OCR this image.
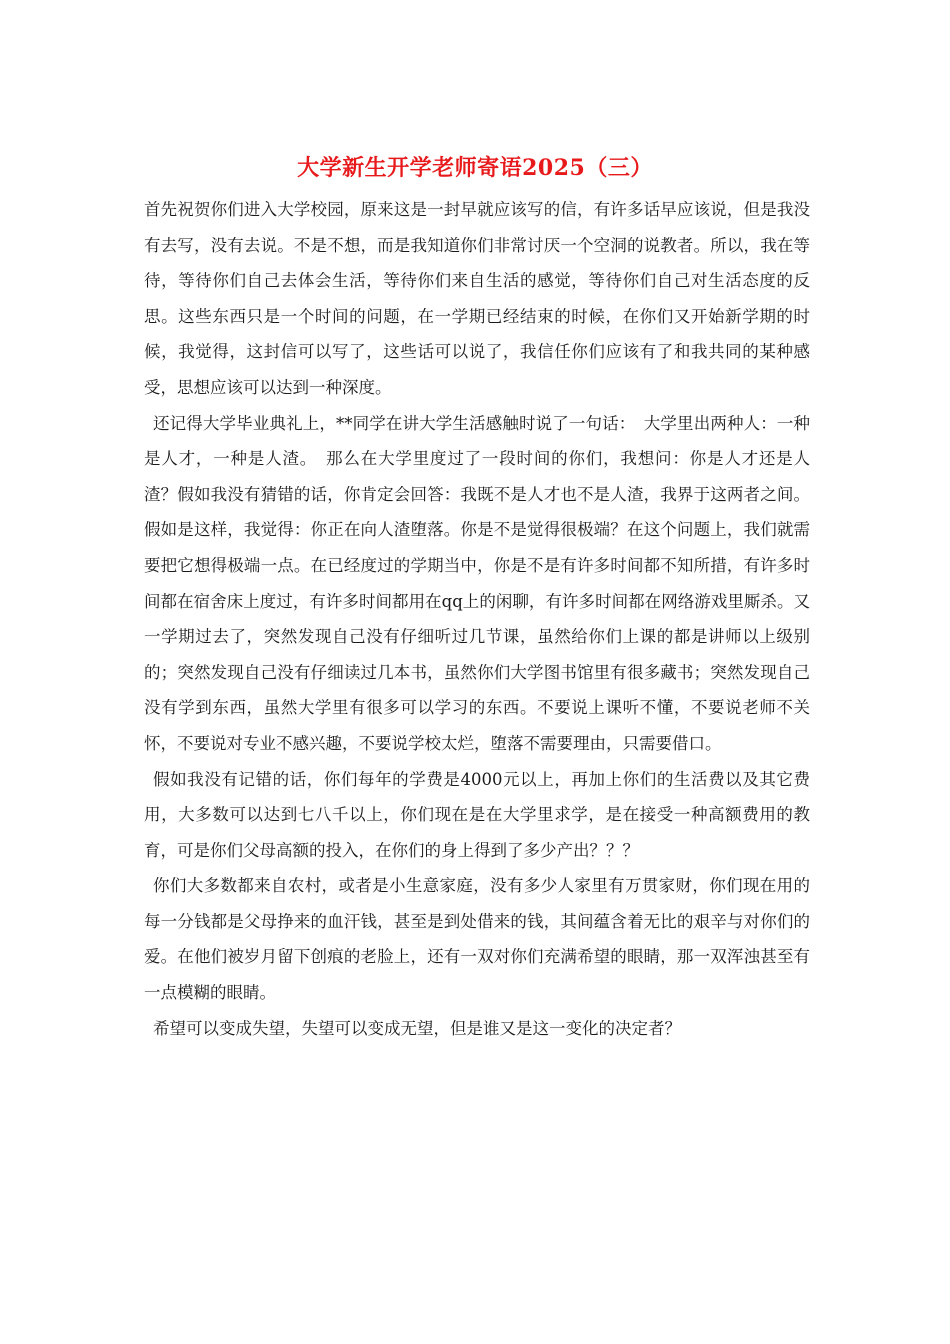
大学新生开学老师寄语2025（三）

首先祝贺你们进入大学校园，原来这是一封早就应该写的信，有许多话早应该说，但是我没有去写，没有去说。不是不想，而是我知道你们非常讨厌一个空洞的说教者。所以，我在等待，等待你们自己去体会生活，等待你们来自生活的感觉，等待你们自己对生活态度的反思。这些东西只是一个时间的问题，在一学期已经结束的时候，在你们又开始新学期的时候，我觉得，这封信可以写了，这些话可以说了，我信任你们应该有了和我共同的某种感受，思想应该可以达到一种深度。

还记得大学毕业典礼上，**同学在讲大学生活感触时说了一句话：　大学里出两种人：一种是人才，一种是人渣。　那么在大学里度过了一段时间的你们，我想问：你是人才还是人渣？假如我没有猜错的话，你肯定会回答：我既不是人才也不是人渣，我界于这两者之间。假如是这样，我觉得：你正在向人渣堕落。你是不是觉得很极端？在这个问题上，我们就需要把它想得极端一点。在已经度过的学期当中，你是不是有许多时间都不知所措，有许多时间都在宿舍床上度过，有许多时间都用在qq上的闲聊，有许多时间都在网络游戏里厮杀。又一学期过去了，突然发现自己没有仔细听过几节课，虽然给你们上课的都是讲师以上级别的；突然发现自己没有仔细读过几本书，虽然你们大学图书馆里有很多藏书；突然发现自己没有学到东西，虽然大学里有很多可以学习的东西。不要说上课听不懂，不要说老师不关怀，不要说对专业不感兴趣，不要说学校太烂，堕落不需要理由，只需要借口。

假如我没有记错的话，你们每年的学费是4000元以上，再加上你们的生活费以及其它费用，大多数可以达到七八千以上，你们现在是在大学里求学，是在接受一种高额费用的教育，可是你们父母高额的投入，在你们的身上得到了多少产出？？？

你们大多数都来自农村，或者是小生意家庭，没有多少人家里有万贯家财，你们现在用的每一分钱都是父母挣来的血汗钱，甚至是到处借来的钱，其间蕴含着无比的艰辛与对你们的爱。在他们被岁月留下创痕的老脸上，还有一双对你们充满希望的眼睛，那一双浑浊甚至有一点模糊的眼睛。

希望可以变成失望，失望可以变成无望，但是谁又是这一变化的决定者？
